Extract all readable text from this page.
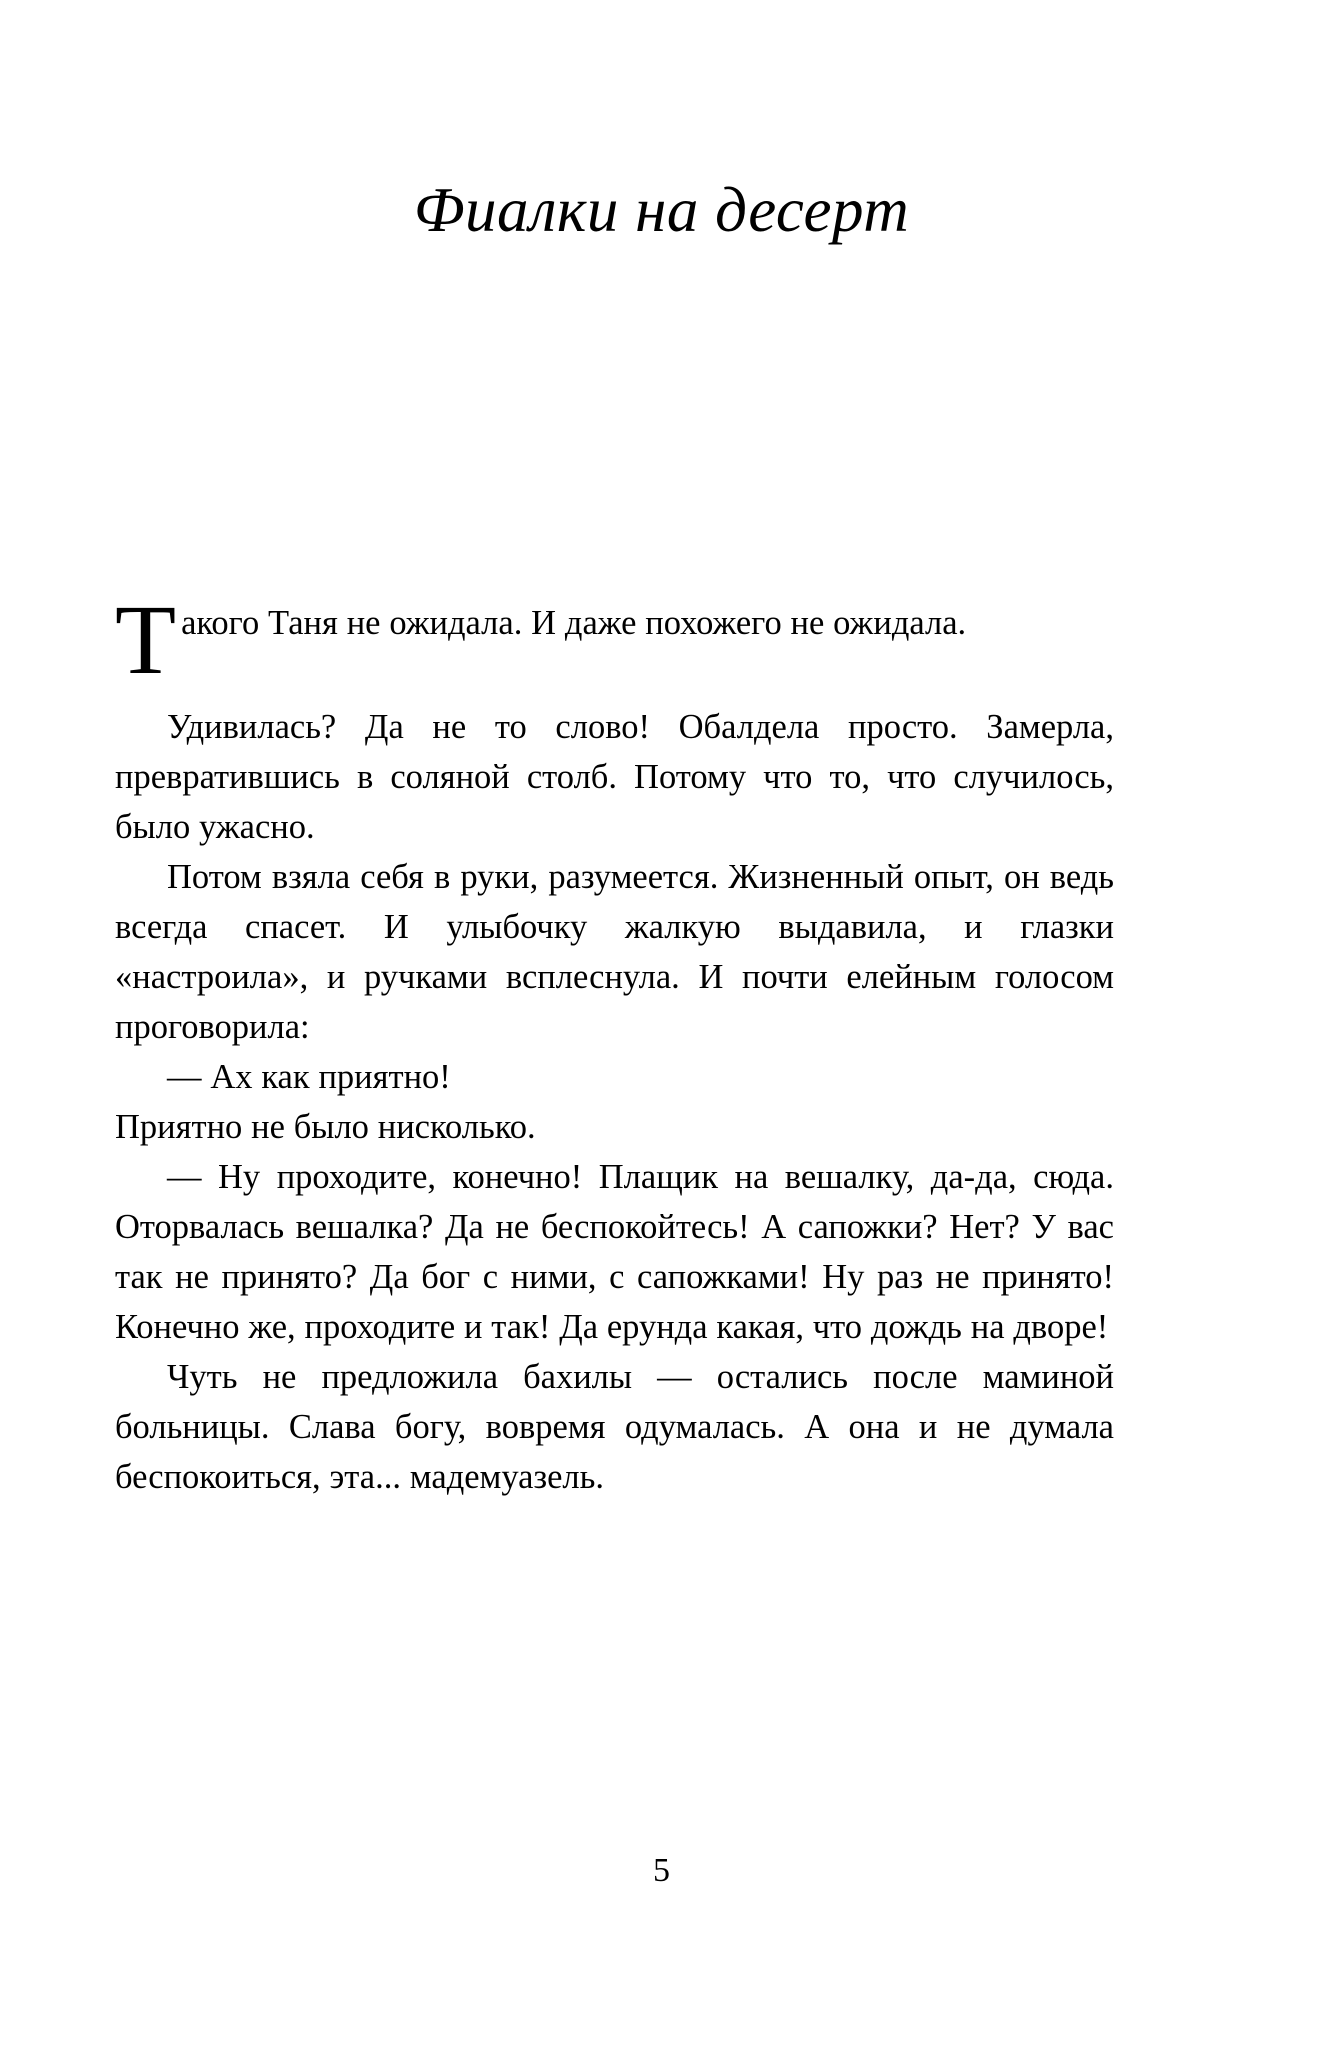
Фиалки на десерт

Такого Таня не ожидала. И даже похожего не ожидала.

Удивилась? Да не то слово! Обалдела просто. Замерла, превратившись в соляной столб. Потому что то, что случилось, было ужасно.

Потом взяла себя в руки, разумеется. Жизненный опыт, он ведь всегда спасет. И улыбочку жалкую выдавила, и глазки «настроила», и ручками всплеснула. И почти елейным голосом проговорила:

— Ах как приятно!

Приятно не было нисколько.

— Ну проходите, конечно! Плащик на вешалку, да-да, сюда. Оторвалась вешалка? Да не беспокойтесь! А сапожки? Нет? У вас так не принято? Да бог с ними, с сапожками! Ну раз не принято! Конечно же, проходите и так! Да ерунда какая, что дождь на дворе!

Чуть не предложила бахилы — остались после маминой больницы. Слава богу, вовремя одумалась. А она и не думала беспокоиться, эта... мадемуазель.

5
